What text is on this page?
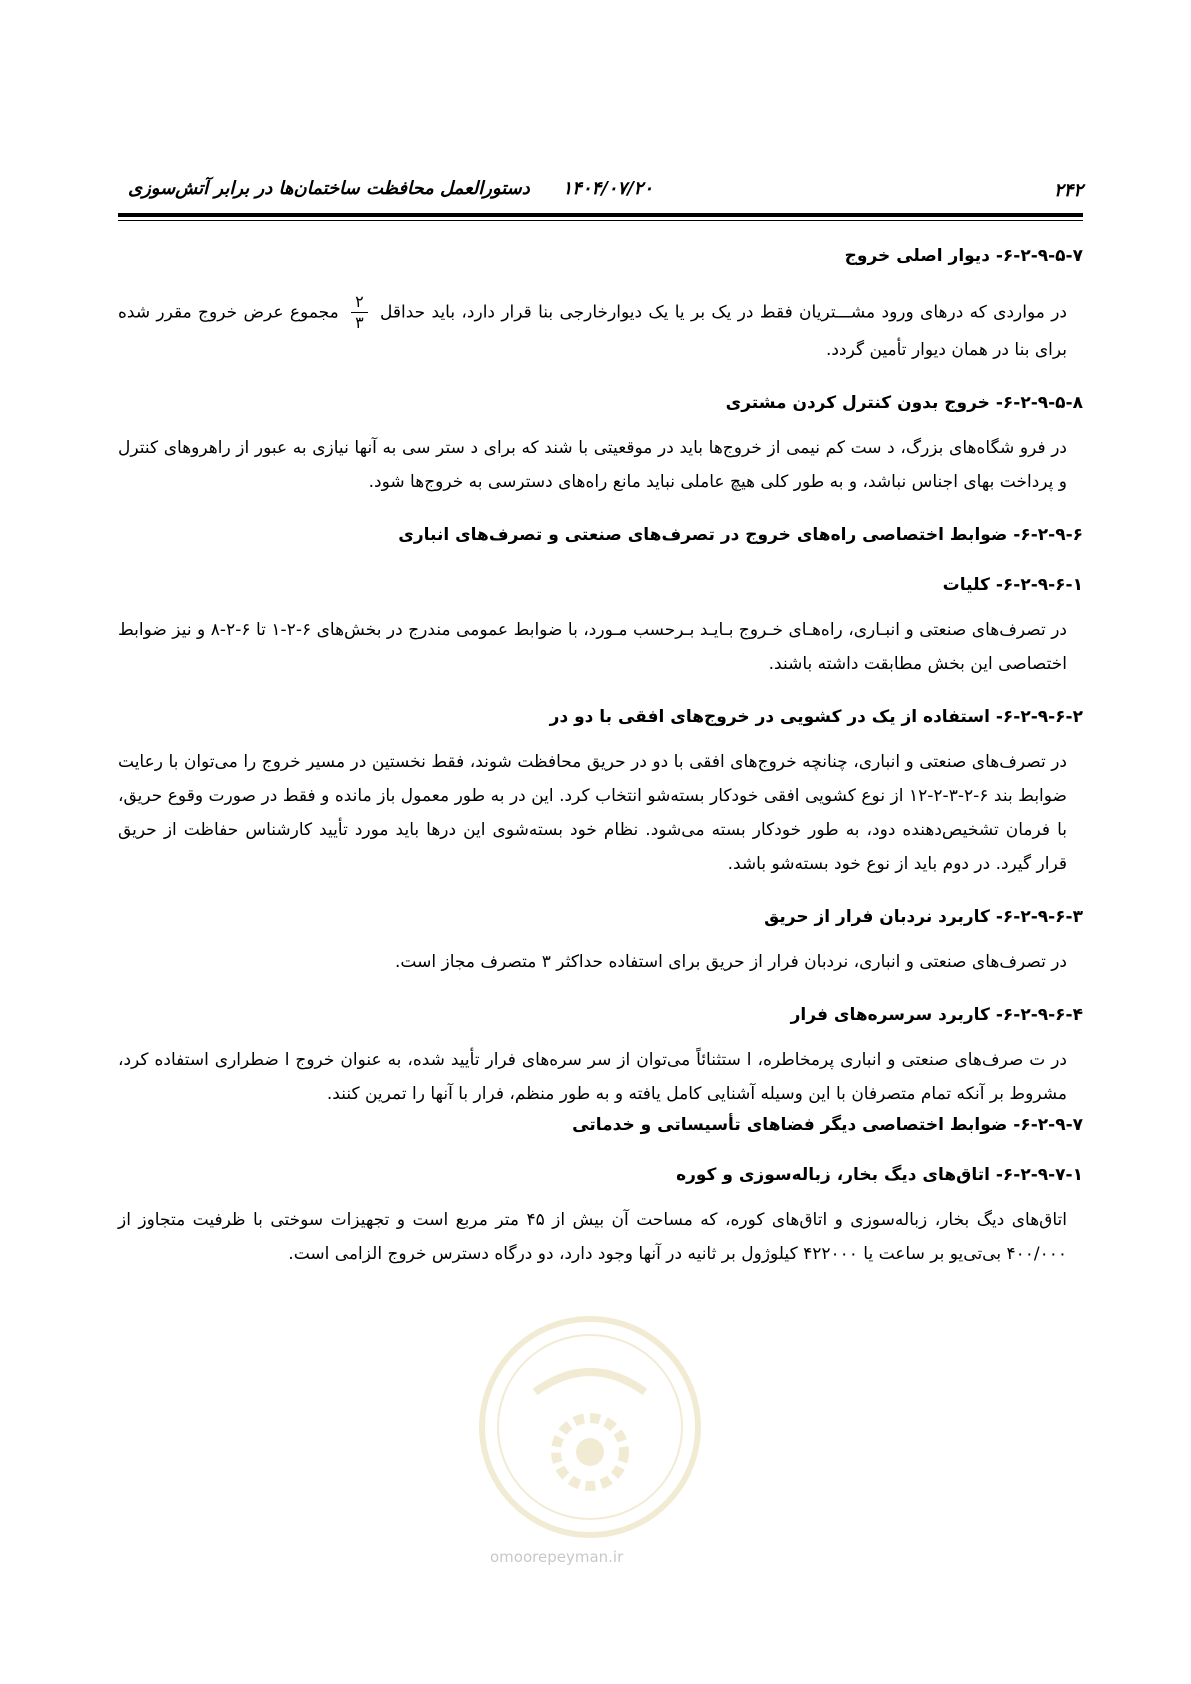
۲۴۲
۱۴۰۴/۰۷/۲۰
دستورالعمل محافظت ساختمان‌ها در برابر آتش‌سوزی
۶-۲-۹-۵-۷- دیوار اصلی خروج

در مواردی که درهای ورود مشـــتریان فقط در یک بر یا یک دیوارخارجی بنا قرار دارد، باید حداقل
$\frac{۲}{۳}$
مجموع عرض خروج مقرر شده برای بنا در همان دیوار تأمین گردد.

۶-۲-۹-۵-۸- خروج بدون کنترل کردن مشتری

در فرو شگاه‌های بزرگ، د ست کم نیمی از خروج‌ها باید در موقعیتی با شند که برای د ستر سی به آنها نیازی به عبور از راهروهای کنترل و پرداخت بهای اجناس نباشد، و به طور کلی هیچ عاملی نباید مانع راه‌های دسترسی به خروج‌ها شود.

۶-۲-۹-۶- ضوابط اختصاصی راه‌های خروج در تصرف‌های صنعتی و تصرف‌های انباری
۶-۲-۹-۶-۱- کلیات

در تصرف‌های صنعتی و انبـاری، راه‌هـای خـروج بـایـد بـرحسب مـورد، با ضوابط عمومی مندرج در بخش‌های ۶-۲-۱ تا ۶-۲-۸ و نیز ضوابط اختصاصی این بخش مطابقت داشته باشند.

۶-۲-۹-۶-۲- استفاده از یک در کشویی در خروج‌های افقی با دو در

در تصرف‌های صنعتی و انباری، چنانچه خروج‌های افقی با دو در حریق محافظت شوند، فقط نخستین در مسیر خروج را می‌توان با رعایت ضوابط بند ۶-۲-۳-۲-۱۲ از نوع کشویی افقی خودکار بسته‌شو انتخاب کرد. این در به طور معمول باز مانده و فقط در صورت وقوع حریق، با فرمان تشخیص‌دهنده دود، به طور خودکار بسته می‌شود. نظام خود بسته‌شوی این درها باید مورد تأیید کارشناس حفاظت از حریق قرار گیرد. در دوم باید از نوع خود بسته‌شو باشد.

۶-۲-۹-۶-۳- کاربرد نردبان فرار از حریق

در تصرف‌های صنعتی و انباری، نردبان فرار از حریق برای استفاده حداکثر ۳ متصرف مجاز است.

۶-۲-۹-۶-۴- کاربرد سرسره‌های فرار

در ت صرف‌های صنعتی و انباری پرمخاطره، ا ستثنائاً می‌توان از سر سره‌های فرار تأیید شده، به عنوان خروج ا ضطراری استفاده کرد، مشروط بر آنکه تمام متصرفان با این وسیله آشنایی کامل یافته و به طور منظم، فرار با آنها را تمرین کنند.

۶-۲-۹-۷- ضوابط اختصاصی دیگر فضاهای تأسیساتی و خدماتی
۶-۲-۹-۷-۱- اتاق‌های دیگ بخار، زباله‌سوزی و کوره

اتاق‌های دیگ بخار، زباله‌سوزی و اتاق‌های کوره، که مساحت آن بیش از ۴۵ متر مربع است و تجهیزات سوختی با ظرفیت متجاوز از ۴۰۰/۰۰۰ بی‌تی‌یو بر ساعت یا ۴۲۲۰۰۰ کیلوژول بر ثانیه در آنها وجود دارد، دو درگاه دسترس خروج الزامی است.

omoorepeyman.ir
